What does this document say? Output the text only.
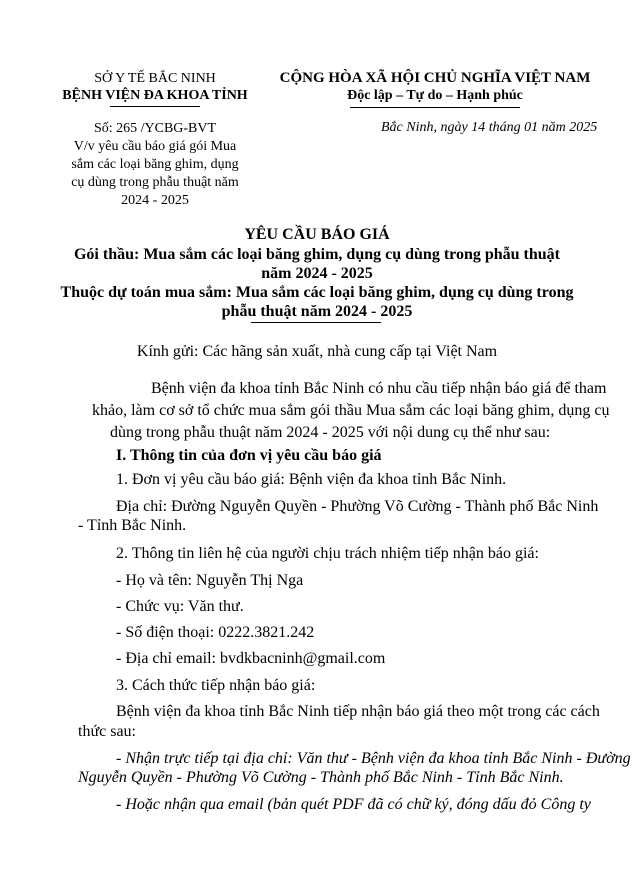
SỞ Y TẾ BẮC NINH
BỆNH VIỆN ĐA KHOA TỈNH
Số: 265 /YCBG-BVT
V/v yêu cầu báo giá gói Mua
sắm các loại băng ghim, dụng
cụ dùng trong phẫu thuật năm
2024 - 2025
CỘNG HÒA XÃ HỘI CHỦ NGHĨA VIỆT NAM
Độc lập – Tự do – Hạnh phúc
Bắc Ninh, ngày 14 tháng 01 năm 2025
YÊU CẦU BÁO GIÁ
Gói thầu: Mua sắm các loại băng ghim, dụng cụ dùng trong phẫu thuật
năm 2024 - 2025
Thuộc dự toán mua sắm: Mua sắm các loại băng ghim, dụng cụ dùng trong
phẫu thuật năm 2024 - 2025
Kính gửi: Các hãng sản xuất, nhà cung cấp tại Việt Nam
Bệnh viện đa khoa tỉnh Bắc Ninh có nhu cầu tiếp nhận báo giá để tham
khảo, làm cơ sở tổ chức mua sắm gói thầu Mua sắm các loại băng ghim, dụng cụ
dùng trong phẫu thuật năm 2024 - 2025 với nội dung cụ thể như sau:
I. Thông tin của đơn vị yêu cầu báo giá
1. Đơn vị yêu cầu báo giá: Bệnh viện đa khoa tỉnh Bắc Ninh.
Địa chỉ: Đường Nguyễn Quyền - Phường Võ Cường - Thành phố Bắc Ninh
- Tỉnh Bắc Ninh.
2. Thông tin liên hệ của người chịu trách nhiệm tiếp nhận báo giá:
- Họ và tên: Nguyễn Thị Nga
- Chức vụ: Văn thư.
- Số điện thoại: 0222.3821.242
- Địa chỉ email: bvdkbacninh@gmail.com
3. Cách thức tiếp nhận báo giá:
Bệnh viện đa khoa tỉnh Bắc Ninh tiếp nhận báo giá theo một trong các cách
thức sau:
- Nhận trực tiếp tại địa chỉ: Văn thư - Bệnh viện đa khoa tỉnh Bắc Ninh - Đường
Nguyễn Quyền - Phường Võ Cường - Thành phố Bắc Ninh - Tỉnh Bắc Ninh.
- Hoặc nhận qua email (bản quét PDF đã có chữ ký, đóng dấu đỏ Công ty
